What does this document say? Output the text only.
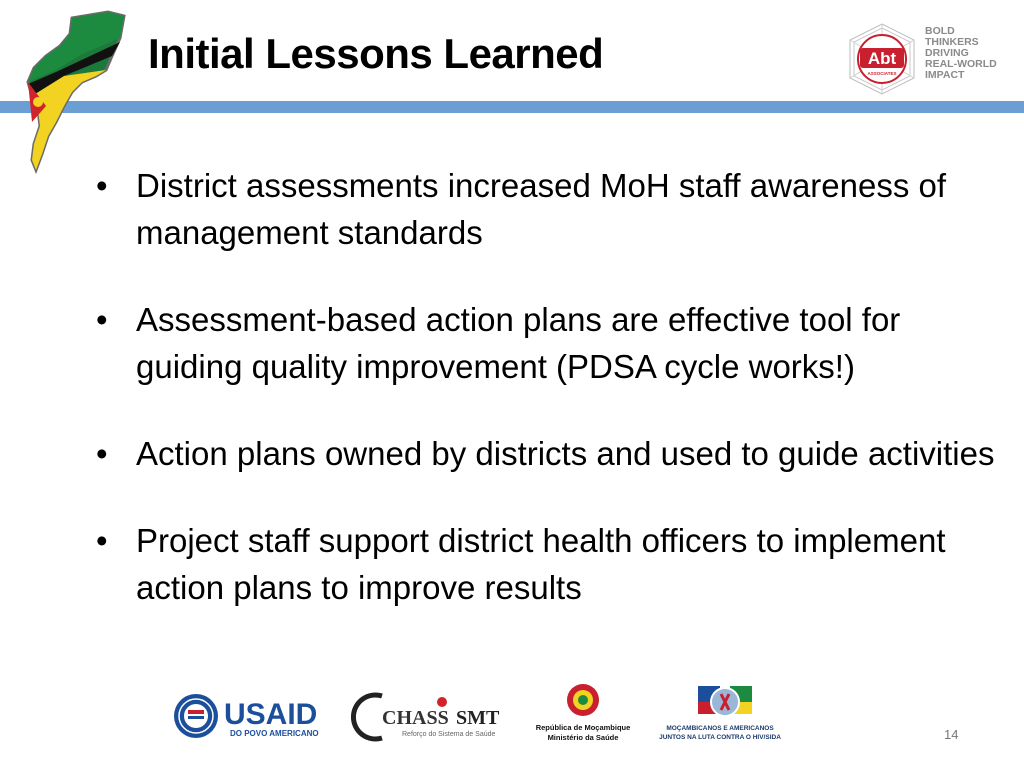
Initial Lessons Learned	Abt
ASSOCIATES
BOLD
THINKERS
DRIVING
REAL-WORLD
IMPACT
• District assessments increased MoH staff awareness of management standards
• Assessment-based action plans are effective tool for guiding quality improvement (PDSA cycle works!)
• Action plans owned by districts and used to guide activities
• Project staff support district health officers to implement action plans to improve results
USAID
DO POVO AMERICANO
CHASS SMT
Reforço do Sistema de Saúde
República de Moçambique
Ministério da Saúde
MOÇAMBICANOS E AMERICANOS
JUNTOS NA LUTA CONTRA O HIV/SIDA	14
